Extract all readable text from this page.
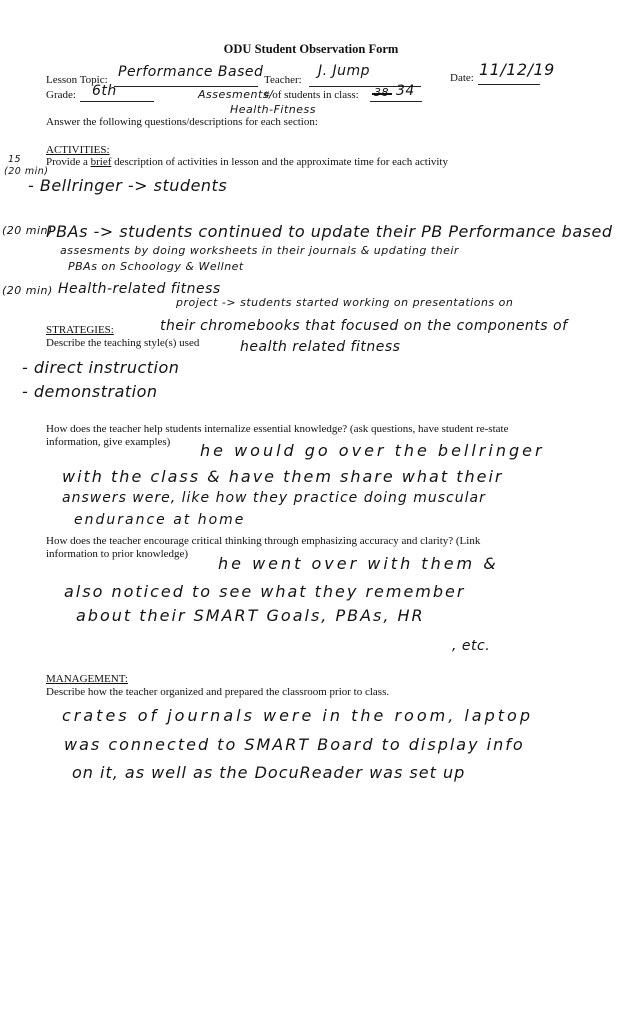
ODU Student Observation Form
Lesson Topic: Performance Based
Grade: 6th	Assesments/
Health-Fitness
Teacher:
J. Jump
# of students in class:	34
Date: 11/12/19
Answer the following questions/descriptions for each section:
ACTIVITIES:
Provide a brief description of activities in lesson and the approximate time for each activity
15
(20 min)
- Bellringer -> students
(20 min)
PBAs -> students continued to update their PB Performance based
assesments by doing worksheets in their journals & updating their
PBAs on Schoology & Wellnet
(20 min) Health-related fitness
project -> students started working on presentations on
their chromebooks that focused on the components of
health related fitness
STRATEGIES:
Describe the teaching style(s) used
- direct instruction
- demonstration
How does the teacher help students internalize essential knowledge? (ask questions, have student re-state
information, give examples) he would go over the bellringer
with the class & have them share what their
answers were, like how they practice doing muscular
endurance at home
How does the teacher encourage critical thinking through emphasizing accuracy and clarity? (Link
information to prior knowledge) he went over with them &
also noticed to see what they remember
about their SMART Goals, PBAs, HR
, etc.
MANAGEMENT:
Describe how the teacher organized and prepared the classroom prior to class.
crates of journals were in the room, laptop
was connected to SMART Board to display info
on it, as well as the DocuReader was set up
